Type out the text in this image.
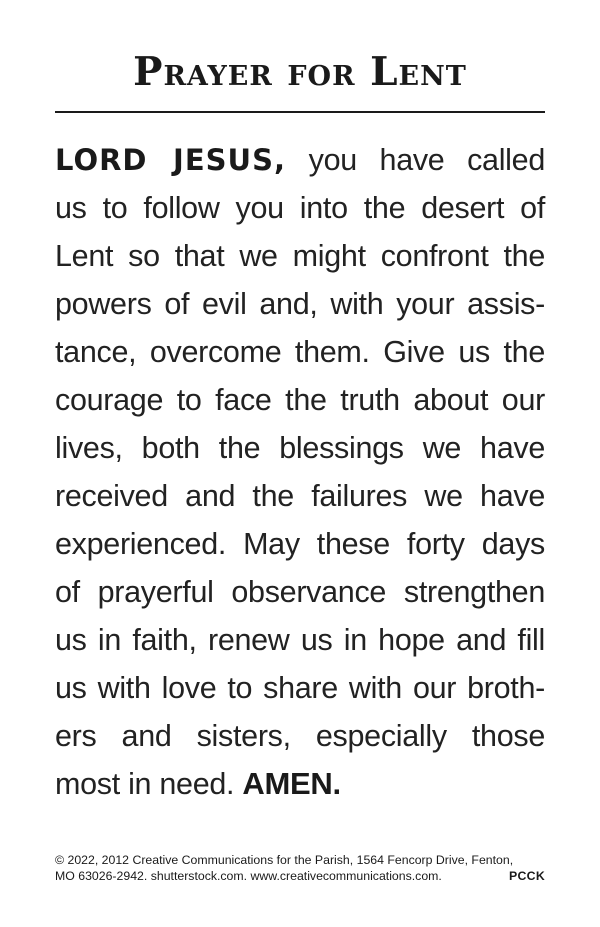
Prayer for Lent
LORD JESUS, you have called
us to follow you into the desert of
Lent so that we might confront the
powers of evil and, with your assis-
tance, overcome them. Give us the
courage to face the truth about our
lives, both the blessings we have
received and the failures we have
experienced. May these forty days
of prayerful observance strengthen
us in faith, renew us in hope and fill
us with love to share with our broth-
ers and sisters, especially those
most in need. AMEN.
© 2022, 2012 Creative Communications for the Parish, 1564 Fencorp Drive, Fenton,
MO 63026-2942. shutterstock.com. www.creativecommunications.com.	PCCK
